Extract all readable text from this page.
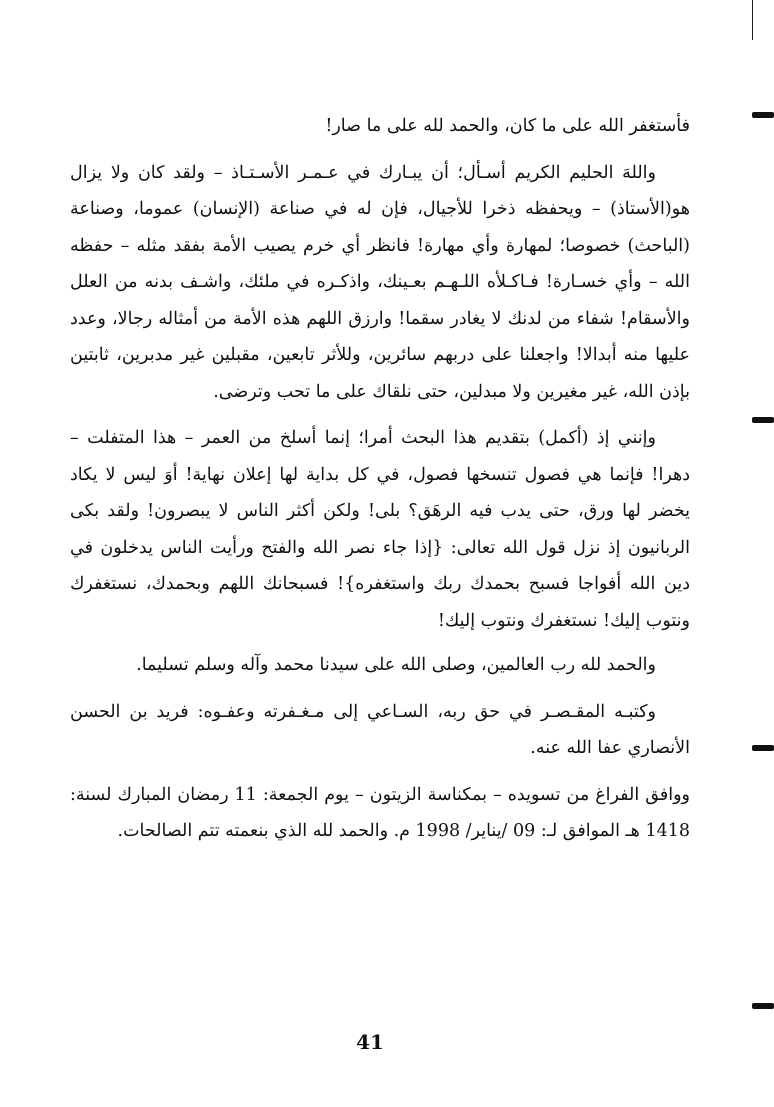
فأستغفر الله على ما كان، والحمد لله على ما صار!

واللهَ الحليم الكريم أسـأل؛ أن يبـارك في عـمـر الأسـتـاذ – ولقد كان ولا يزال هو(الأستاذ) – ويحفظه ذخرا للأجيال، فإن له في صناعة (الإنسان) عموما، وصناعة (الباحث) خصوصا؛ لمهارة وأي مهارة! فانظر أي خرم يصيب الأمة بفقد مثله – حفظه الله – وأي خسـارة! فـاكـلأه اللـهـم بعـينك، واذكـره في ملئك، واشـف بدنه من العلل والأسقام! شفاء من لدنك لا يغادر سقما! وارزق اللهم هذه الأمة من أمثاله رجالا، وعدد عليها منه أبدالا! واجعلنا على دربهم سائرين، وللأثر تابعين، مقبلين غير مدبرين، ثابتين بإذن الله، غير مغيرين ولا مبدلين، حتى نلقاك على ما تحب وترضى.

وإنني إذ (أكمل) بتقديم هذا البحث أمرا؛ إنما أسلخ من العمر – هذا المتفلت – دهرا! فإنما هي فصول تنسخها فصول، في كل بداية لها إعلان نهاية! أوَ ليس لا يكاد يخضر لها ورق، حتى يدب فيه الرهَق؟ بلى! ولكن أكثر الناس لا يبصرون! ولقد بكى الربانيون إذ نزل قول الله تعالى: {إذا جاء نصر الله والفتح ورأيت الناس يدخلون في دين الله أفواجا فسبح بحمدك ربك واستغفره}! فسبحانك اللهم وبحمدك، نستغفرك ونتوب إليك! نستغفرك ونتوب إليك!

والحمد لله رب العالمين، وصلى الله على سيدنا محمد وآله وسلم تسليما.

وكتبـه المقـصـر في حق ربه، السـاعي إلى مـغـفرته وعفـوه: فريد بن الحسن الأنصاري عفا الله عنه.

ووافق الفراغ من تسويده – بمكناسة الزيتون – يوم الجمعة: 11 رمضان المبارك لسنة: 1418 هـ الموافق لـ: 09 /يناير/ 1998 م. والحمد لله الذي بنعمته تتم الصالحات.

41
